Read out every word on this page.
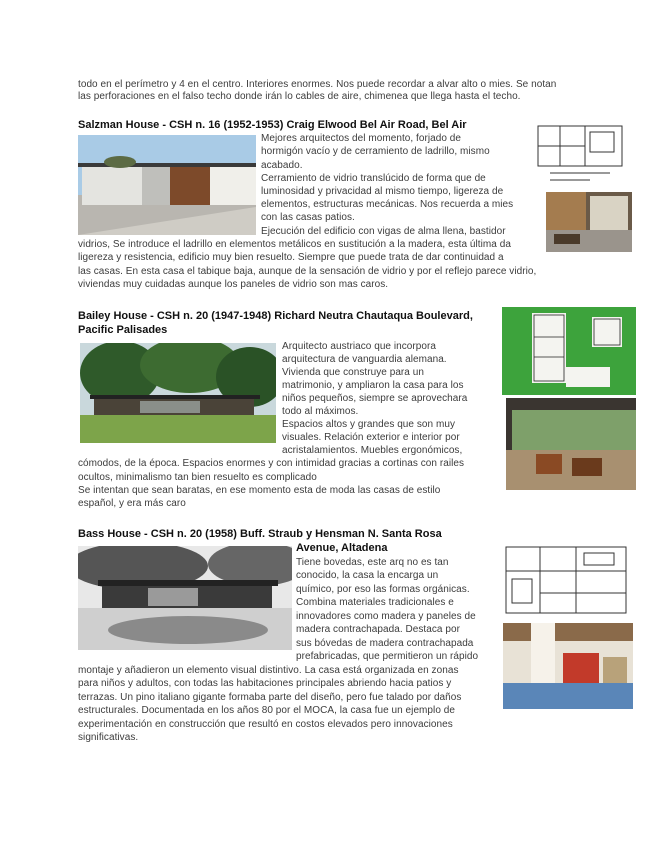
todo en el perímetro y 4 en el centro. Interiores enormes. Nos puede recordar a alvar alto o mies. Se notan
las perforaciones en el falso techo donde irán lo cables de aire, chimenea que llega hasta el techo.
Salzman House - CSH n. 16 (1952-1953) Craig Elwood Bel Air Road, Bel Air
Mejores arquitectos del momento, forjado de
hormigón vacío y de cerramiento de ladrillo, mismo
acabado.
Cerramiento de vidrio translúcido de forma que de
luminosidad y privacidad al mismo tiempo, ligereza de
elementos, estructuras mecánicas. Nos recuerda a mies
con las casas patios.
Ejecución del edificio con vigas de alma llena, bastidor
vidrios, Se introduce el ladrillo en elementos metálicos en sustitución a la madera, esta última da
ligereza y resistencia, edificio muy bien resuelto. Siempre que puede trata de dar continuidad a
las casas. En esta casa el tabique baja, aunque de la sensación de vidrio y por el reflejo parece vidrio,
viviendas muy cuidadas aunque los paneles de vidrio son mas caros.
Bailey House - CSH n. 20 (1947-1948) Richard Neutra Chautaqua Boulevard,
Pacific Palisades
Arquitecto austriaco que incorpora
arquitectura de vanguardia alemana.
Vivienda que construye para un
matrimonio, y ampliaron la casa para los
niños pequeños, siempre se aprovechara
todo al máximos.
Espacios altos y grandes que son muy
visuales. Relación exterior e interior por
acristalamientos. Muebles ergonómicos,
cómodos, de la época. Espacios enormes y con intimidad gracias a cortinas con railes
ocultos, minimalismo tan bien resuelto es complicado
Se intentan que sean baratas, en ese momento esta de moda las casas de estilo
español, y era más caro
Bass House - CSH n. 20 (1958) Buff. Straub y Hensman N. Santa Rosa
Avenue, Altadena
Tiene bovedas, este arq no es tan
conocido, la casa la encarga un
químico, por eso las formas orgánicas.
Combina materiales tradicionales e
innovadores como madera y paneles de
madera contrachapada. Destaca por
sus bóvedas de madera contrachapada
prefabricadas, que permitieron un rápido
montaje y añadieron un elemento visual distintivo. La casa está organizada en zonas
para niños y adultos, con todas las habitaciones principales abriendo hacia patios y
terrazas. Un pino italiano gigante formaba parte del diseño, pero fue talado por daños
estructurales. Documentada en los años 80 por el MOCA, la casa fue un ejemplo de
experimentación en construcción que resultó en costos elevados pero innovaciones
significativas.
